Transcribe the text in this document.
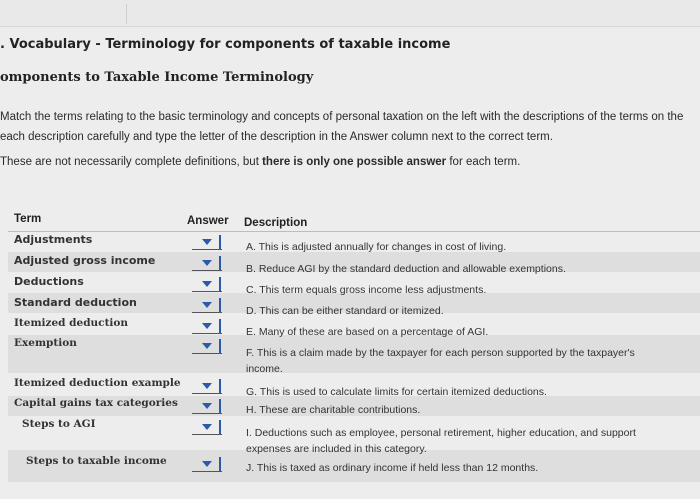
. Vocabulary - Terminology for components of taxable income
omponents to Taxable Income Terminology
Match the terms relating to the basic terminology and concepts of personal taxation on the left with the descriptions of the terms on the
each description carefully and type the letter of the description in the Answer column next to the correct term.
These are not necessarily complete definitions, but there is only one possible answer for each term.
Term	Answer Description
Adjustments
Adjusted gross income
Deductions
Standard deduction
Itemized deduction
Exemption
Itemized deduction example
Capital gains tax categories
Steps to AGI
Steps to taxable income
A. This is adjusted annually for changes in cost of living.
B. Reduce AGI by the standard deduction and allowable exemptions.
C. This term equals gross income less adjustments.
D. This can be either standard or itemized.
E. Many of these are based on a percentage of AGI.
F. This is a claim made by the taxpayer for each person supported by the taxpayer's
income.
G. This is used to calculate limits for certain itemized deductions.
H. These are charitable contributions.
I. Deductions such as employee, personal retirement, higher education, and support
expenses are included in this category.
J. This is taxed as ordinary income if held less than 12 months.
